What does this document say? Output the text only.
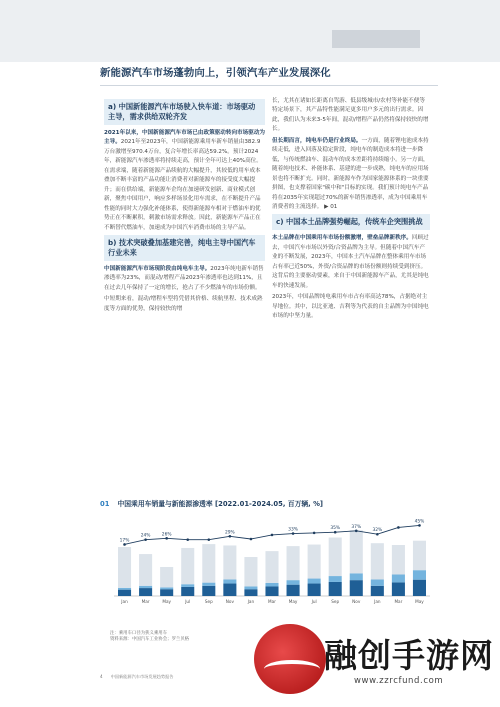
新能源汽车市场蓬勃向上，引领汽车产业发展深化
a) 中国新能源汽车市场驶入快车道：市场驱动主导，需求供给双轮齐发

2021年以来，中国新能源汽车市场已由政策驱动转向市场驱动为主导。2021年至2023年，中国新能源乘用车新车销量由382.9万台激增至970.4万台，复合年增长率高达59.2%。预计2024年，新能源汽车渗透率将持续走高，预计全年可达上40%高位。在需求端，随着新能源产品续航的大幅提升，其较低的用车成本叠加不断丰富的产品功能让消费者对新能源车的接受度大幅提升；而在供给端，新能源车企均在加速研发创新、商业模式创新，聚焦中国用户，响应多样场景化用车需求，在不断提升产品性能的同时大力强化补能体系，使得新能源车相对于燃油车的优势正在不断累积，刺激市场需求释放。因此，新能源车产品正在不断替代燃油车，加速成为中国汽车消费市场的主导产品。

b) 技术突破叠加基建完善，纯电主导中国汽车行业未来

中国新能源汽车市场现阶段由纯电车主导。2023年纯电新车销售渗透率为23%，而混动/增程产品2023年渗透率也达到11%，且在过去几年保持了一定的增长，抢占了不少燃油车的市场份额。

中短期来看，混动/增程车型将凭借其价格、续航里程、技术成熟度等方面的优势，保持较快的增

长，尤其在诸如长距离自驾游、低县级城市/农村等补能不便等特定场景下，其产品特性能满足更多用户多元的出行需求。因此，我们认为未来3-5年间，混动/增程产品仍然将保持较快的增长。

但长期而言，纯电车仍是行业终局。一方面，随着锂电池成本持续走低，进入回落及稳定阶段，纯电车的制造成本将进一步降低，与传统燃油车、混动车的成本差距将持续缩小。另一方面，随着纯电技术、补能体系、基建的进一步成熟，纯电车的应用场景也将不断扩充。同时，新能源车作为国家能源体系的一块重要拼图，也支撑着国家"碳中和"目标的实现。我们预计纯电车产品将在2035年实现超过70%的新车销售渗透率，成为中国乘用车消费者的主流选择。 ▶ 01

c) 中国本土品牌强势崛起，传统车企突围挑战

本土品牌在中国乘用车市场份额激增，壁垒品牌新秩序。回顾过去，中国汽车市场以外资/合资品牌为主导。但随着中国汽车产业的不断发展，2023年，中国本土汽车品牌在整体乘用车市场占有率已近50%，外资/合资品牌的市场份额则持续受到挤压。这背后的主要驱动要素，来自于中国新能源车产品，尤其是纯电车的快速发展。

2023年，中国品牌纯电乘用车市占有率高达78%，占据绝对主导地位。其中，以比亚迪、吉利等为代表的自主品牌为中国纯电市场的中坚力量。

01 中国乘用车销量与新能源渗透率 [2022.01-2024.05, 百万辆, %]
Jan	Mar	May	Jul	Sep	Nov	Jan	Mar	May	Jul	Sep	Nov	Jan	Mar	May
17%
24%	26%	29%
33%	35%	37%
32%
45%
注：乘用车口径为狭义乘用车
资料来源：中国汽车工业协会；罗兰贝格
4 中国新能源汽车市场发展趋势报告
融创手游网
www.zzrcfund.com
